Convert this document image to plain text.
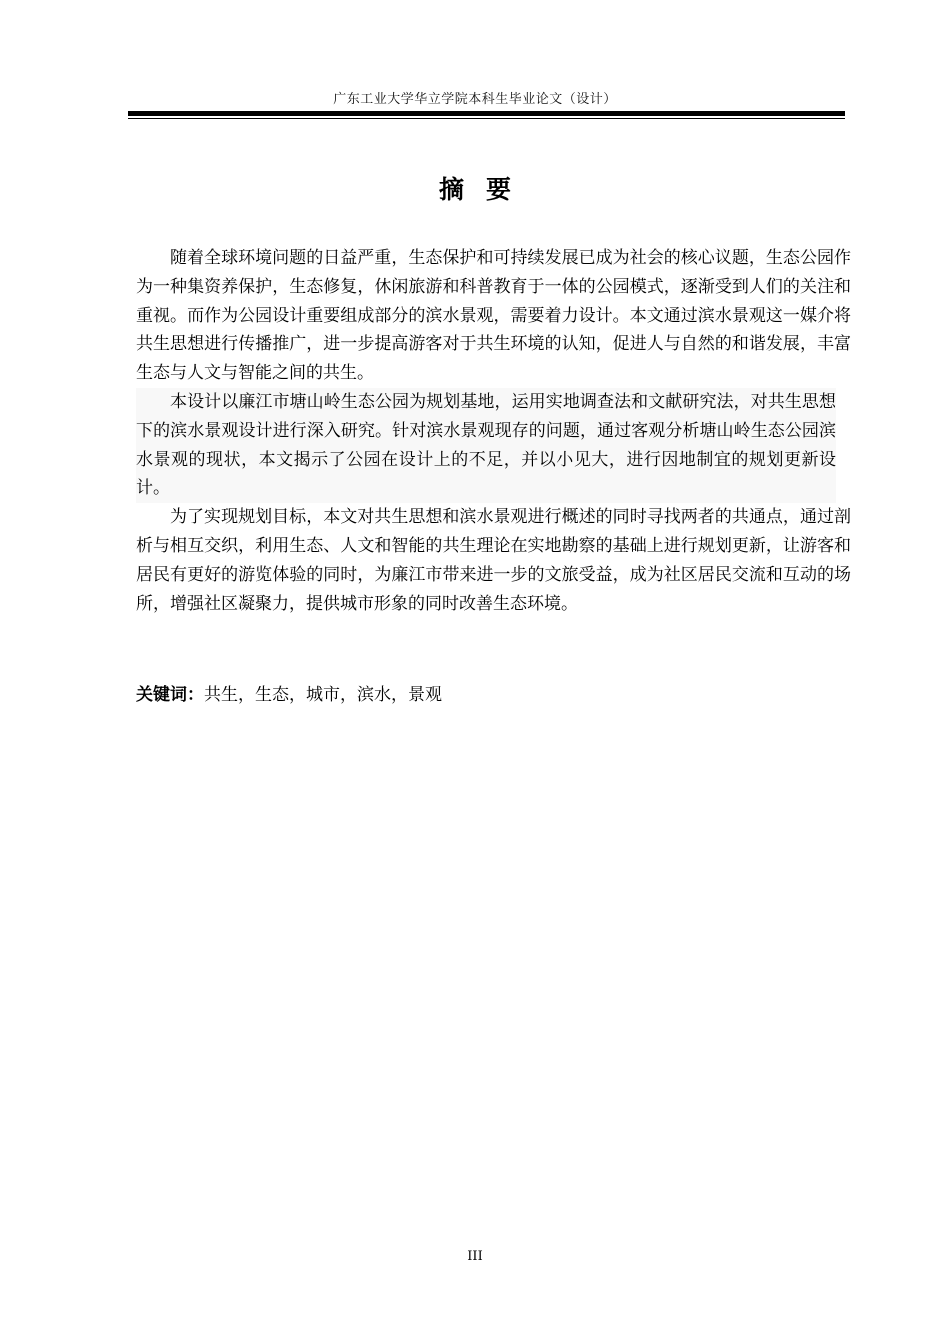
广东工业大学华立学院本科生毕业论文（设计）
摘要

随着全球环境问题的日益严重，生态保护和可持续发展已成为社会的核心议题，生态公园作为一种集资养保护，生态修复，休闲旅游和科普教育于一体的公园模式，逐渐受到人们的关注和重视。而作为公园设计重要组成部分的滨水景观，需要着力设计。本文通过滨水景观这一媒介将共生思想进行传播推广，进一步提高游客对于共生环境的认知，促进人与自然的和谐发展，丰富生态与人文与智能之间的共生。

本设计以廉江市塘山岭生态公园为规划基地，运用实地调查法和文献研究法，对共生思想下的滨水景观设计进行深入研究。针对滨水景观现存的问题，通过客观分析塘山岭生态公园滨水景观的现状，本文揭示了公园在设计上的不足，并以小见大，进行因地制宜的规划更新设计。

为了实现规划目标，本文对共生思想和滨水景观进行概述的同时寻找两者的共通点，通过剖析与相互交织，利用生态、人文和智能的共生理论在实地勘察的基础上进行规划更新，让游客和居民有更好的游览体验的同时，为廉江市带来进一步的文旅受益，成为社区居民交流和互动的场所，增强社区凝聚力，提供城市形象的同时改善生态环境。

关键词：共生，生态，城市，滨水，景观
III
